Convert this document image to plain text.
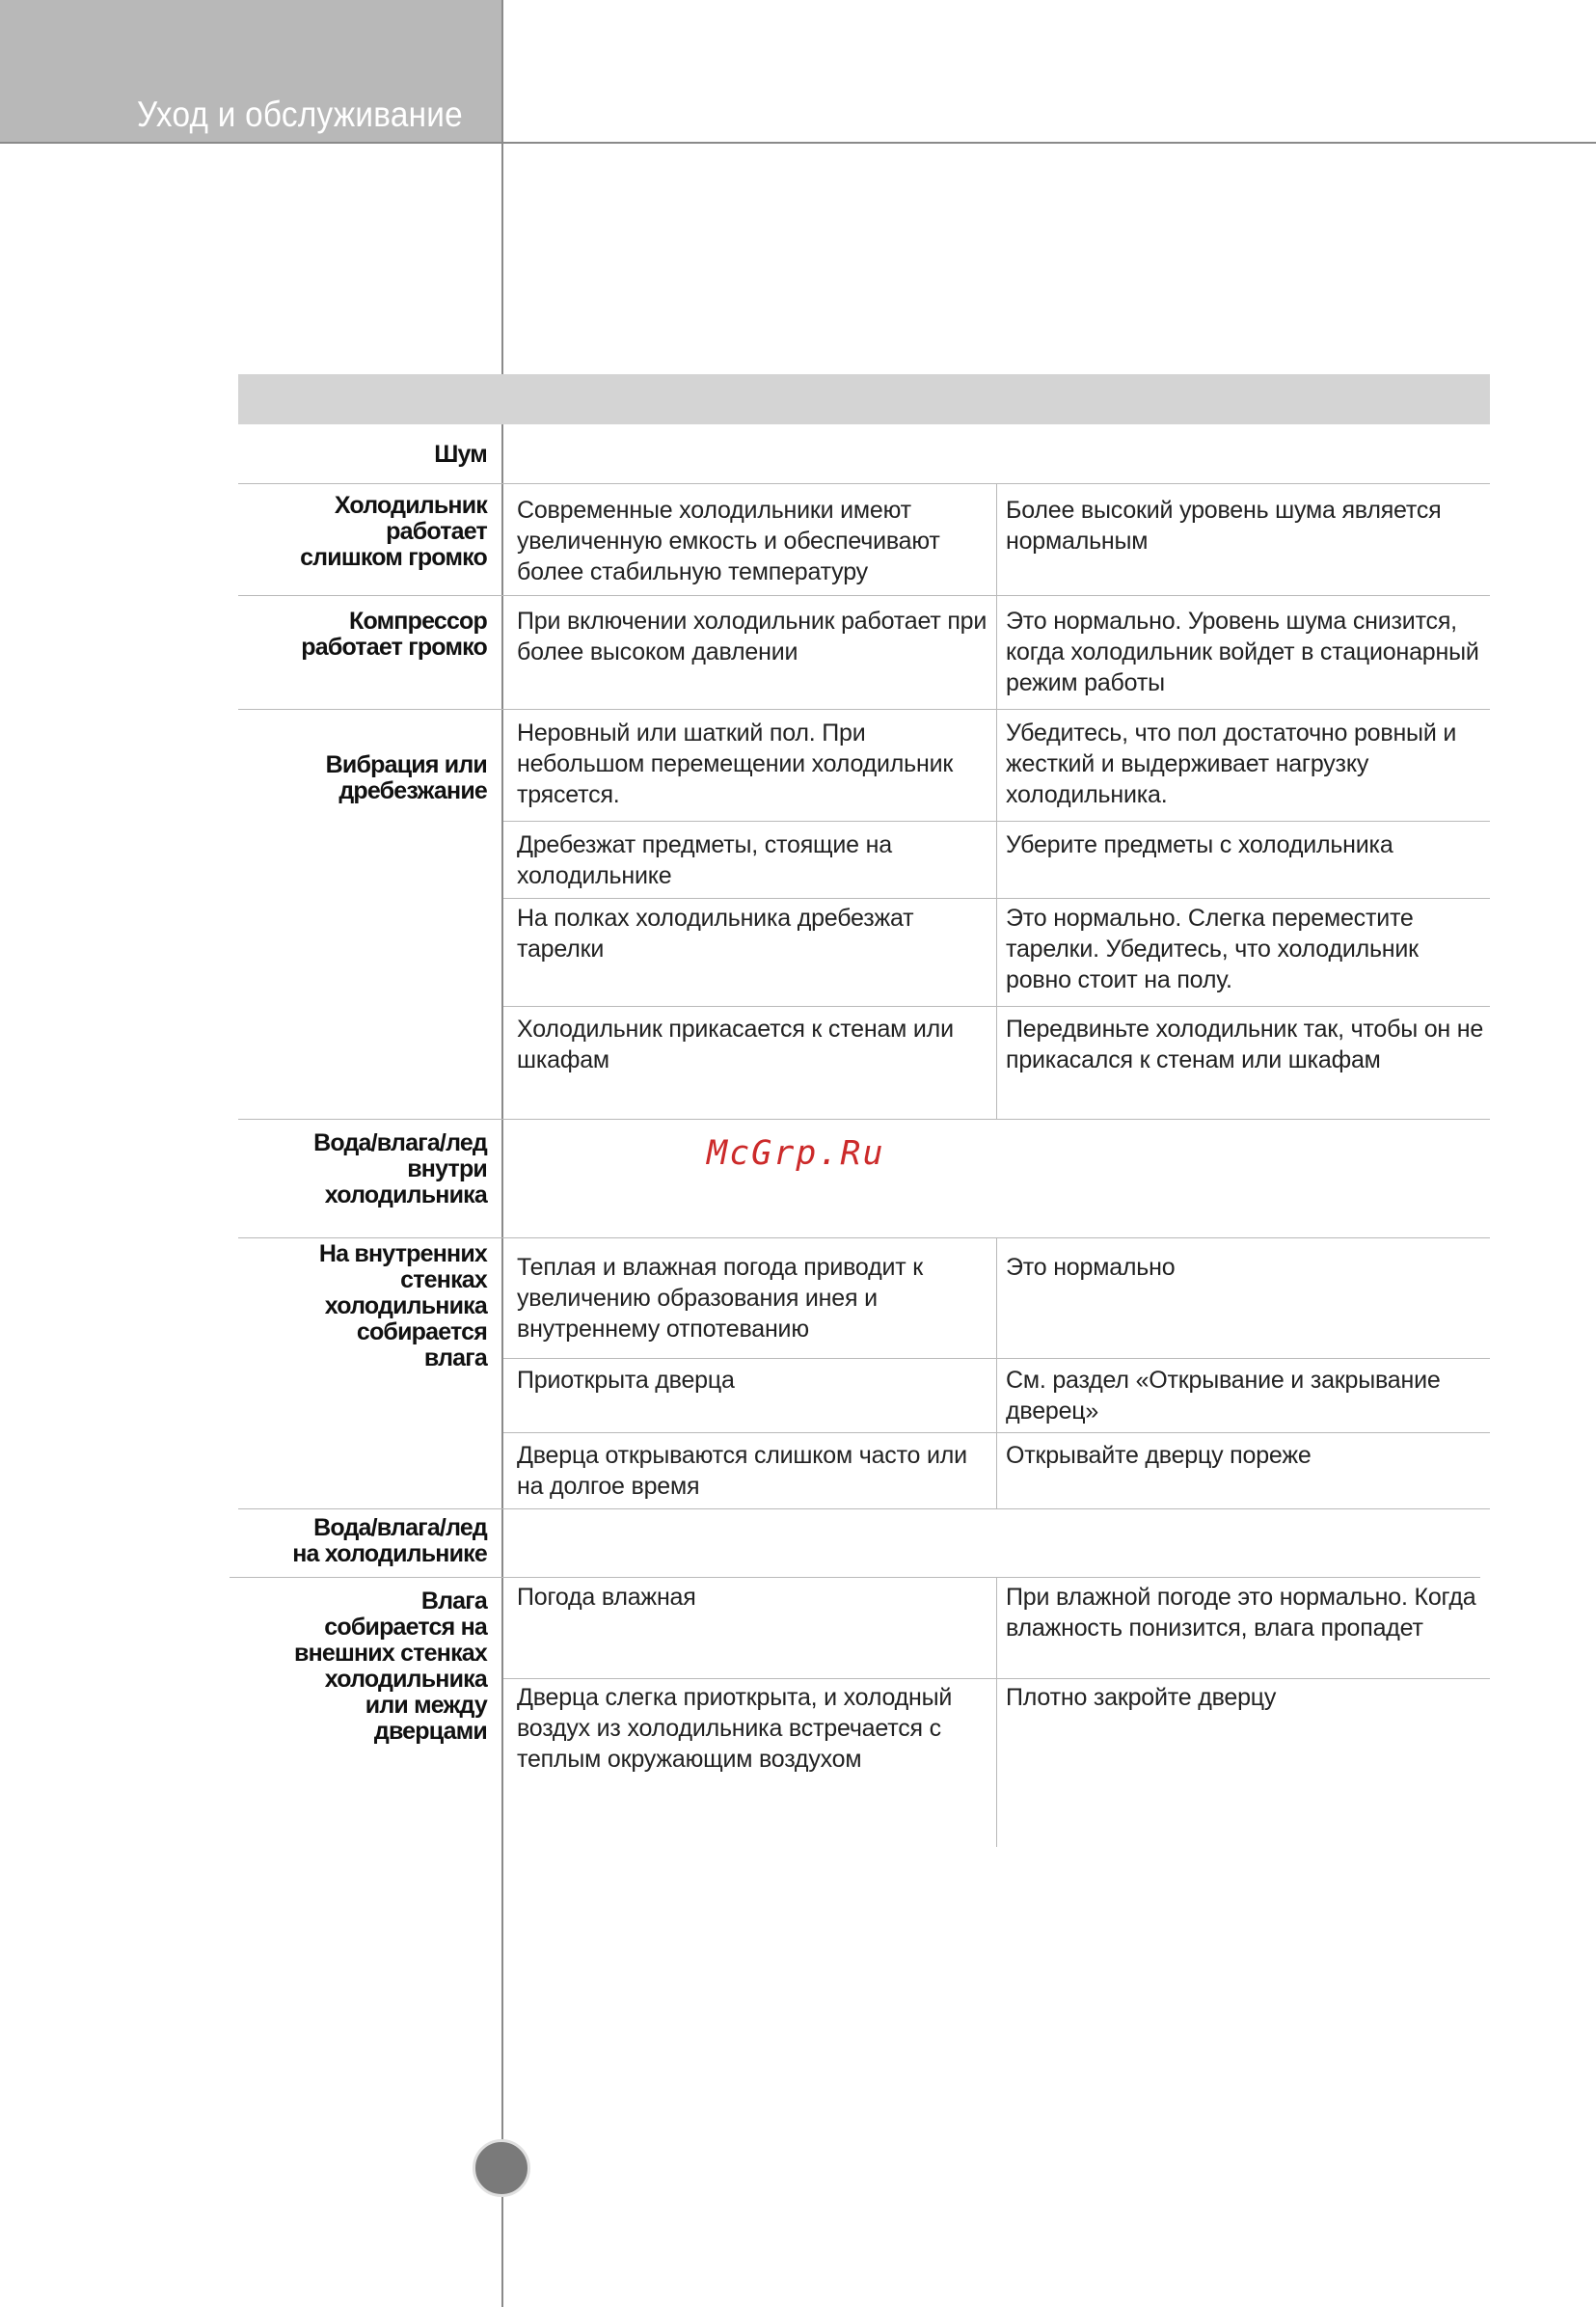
Уход и обслуживание
Шум
Холодильник
работает
слишком громко
Современные холодильники имеют увеличенную емкость и обеспечивают более стабильную температуру
Более высокий уровень шума является нормальным
Компрессор
работает громко
При включении холодильник работает при более высоком давлении
Это нормально. Уровень шума снизится, когда холодильник войдет в стационарный режим работы
Вибрация или
дребезжание
Неровный или шаткий пол. При небольшом перемещении холодильник трясется.
Убедитесь, что пол достаточно ровный и жесткий и выдерживает нагрузку холодильника.
Дребезжат предметы, стоящие на холодильнике
Уберите предметы с холодильника
На полках холодильника дребезжат тарелки
Это нормально. Слегка переместите тарелки. Убедитесь, что холодильник ровно стоит на полу.
Холодильник прикасается к стенам или шкафам
Передвиньте холодильник так, чтобы он не прикасался к стенам или шкафам
Вода/влага/лед
внутри
холодильника
На внутренних
стенках
холодильника
собирается
влага
Теплая и влажная погода приводит к увеличению образования инея и внутреннему отпотеванию
Это нормально
Приоткрыта дверца	См. раздел «Открывание и закрывание дверец»
Дверца открываются слишком часто или на долгое время
Открывайте дверцу пореже
Вода/влага/лед
на холодильнике
Влага
собирается на
внешних стенках
холодильника
или между
дверцами
Погода влажная	При влажной погоде это нормально. Когда влажность понизится, влага пропадет
Дверца слегка приоткрыта, и холодный воздух из холодильника встречается с теплым окружающим воздухом
Плотно закройте дверцу
McGrp.Ru
